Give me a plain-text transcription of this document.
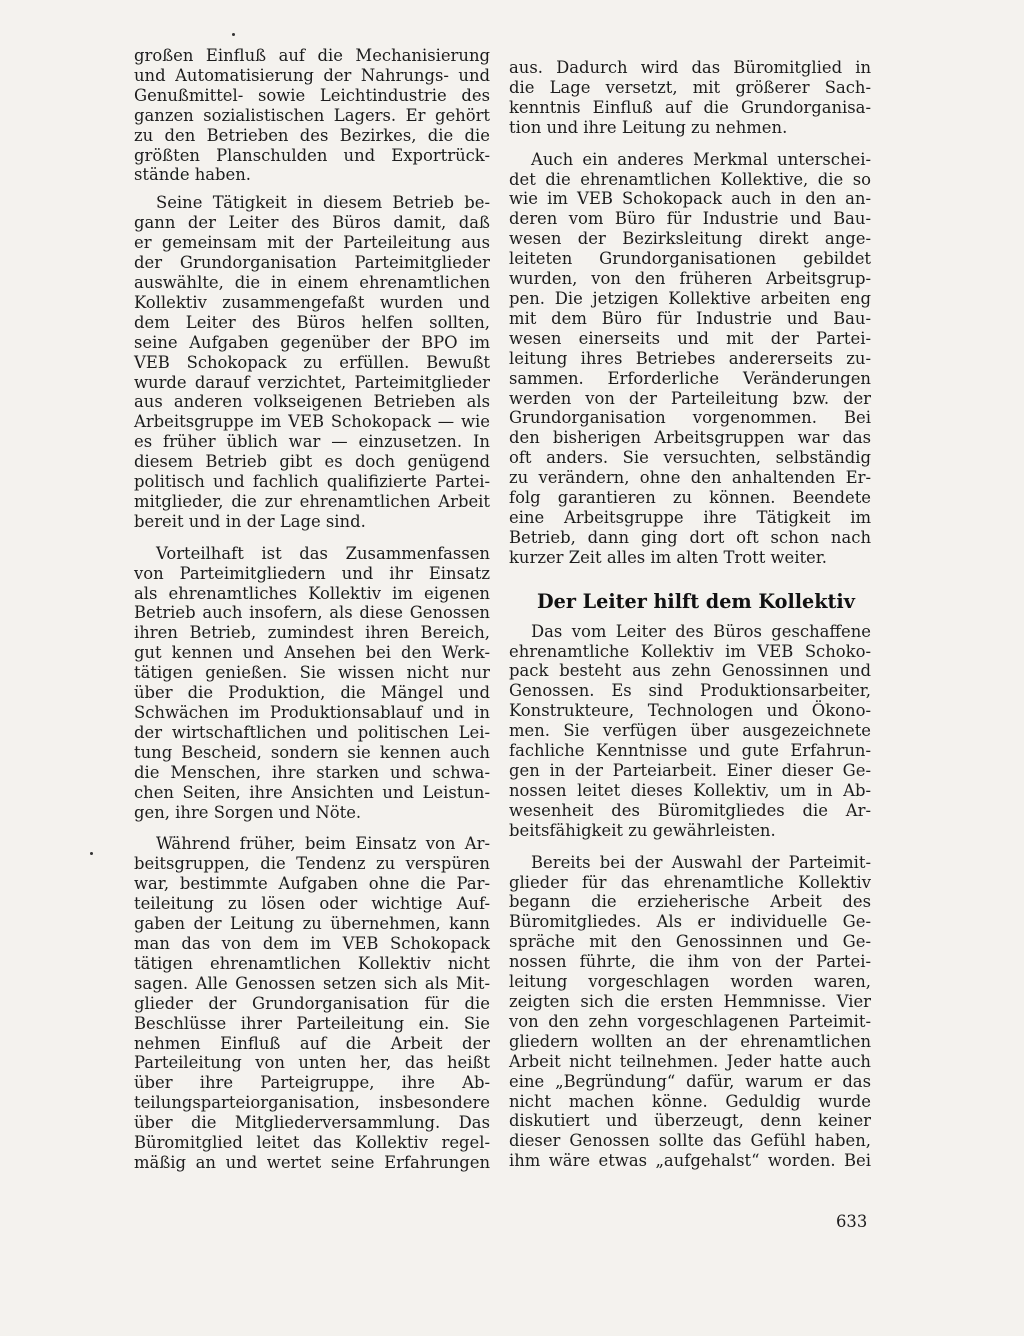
großen Einfluß auf die Mechanisierung
und Automatisierung der Nahrungs- und
Genußmittel- sowie Leichtindustrie des
ganzen sozialistischen Lagers. Er gehört
zu den Betrieben des Bezirkes, die die
größten Planschulden und Exportrück-
stände haben.
Seine Tätigkeit in diesem Betrieb be-
gann der Leiter des Büros damit, daß
er gemeinsam mit der Parteileitung aus
der Grundorganisation Parteimitglieder
auswählte, die in einem ehrenamtlichen
Kollektiv zusammengefaßt wurden und
dem Leiter des Büros helfen sollten,
seine Aufgaben gegenüber der BPO im
VEB Schokopack zu erfüllen. Bewußt
wurde darauf verzichtet, Parteimitglieder
aus anderen volkseigenen Betrieben als
Arbeitsgruppe im VEB Schokopack — wie
es früher üblich war — einzusetzen. In
diesem Betrieb gibt es doch genügend
politisch und fachlich qualifizierte Partei-
mitglieder, die zur ehrenamtlichen Arbeit
bereit und in der Lage sind.
Vorteilhaft ist das Zusammenfassen
von Parteimitgliedern und ihr Einsatz
als ehrenamtliches Kollektiv im eigenen
Betrieb auch insofern, als diese Genossen
ihren Betrieb, zumindest ihren Bereich,
gut kennen und Ansehen bei den Werk-
tätigen genießen. Sie wissen nicht nur
über die Produktion, die Mängel und
Schwächen im Produktionsablauf und in
der wirtschaftlichen und politischen Lei-
tung Bescheid, sondern sie kennen auch
die Menschen, ihre starken und schwa-
chen Seiten, ihre Ansichten und Leistun-
gen, ihre Sorgen und Nöte.
Während früher, beim Einsatz von Ar-
beitsgruppen, die Tendenz zu verspüren
war, bestimmte Aufgaben ohne die Par-
teileitung zu lösen oder wichtige Auf-
gaben der Leitung zu übernehmen, kann
man das von dem im VEB Schokopack
tätigen ehrenamtlichen Kollektiv nicht
sagen. Alle Genossen setzen sich als Mit-
glieder der Grundorganisation für die
Beschlüsse ihrer Parteileitung ein. Sie
nehmen Einfluß auf die Arbeit der
Parteileitung von unten her, das heißt
über ihre Parteigruppe, ihre Ab-
teilungsparteiorganisation, insbesondere
über die Mitgliederversammlung. Das
Büromitglied leitet das Kollektiv regel-
mäßig an und wertet seine Erfahrungen
aus. Dadurch wird das Büromitglied in
die Lage versetzt, mit größerer Sach-
kenntnis Einfluß auf die Grundorganisa-
tion und ihre Leitung zu nehmen.
Auch ein anderes Merkmal unterschei-
det die ehrenamtlichen Kollektive, die so
wie im VEB Schokopack auch in den an-
deren vom Büro für Industrie und Bau-
wesen der Bezirksleitung direkt ange-
leiteten Grundorganisationen gebildet
wurden, von den früheren Arbeitsgrup-
pen. Die jetzigen Kollektive arbeiten eng
mit dem Büro für Industrie und Bau-
wesen einerseits und mit der Partei-
leitung ihres Betriebes andererseits zu-
sammen. Erforderliche Veränderungen
werden von der Parteileitung bzw. der
Grundorganisation vorgenommen. Bei
den bisherigen Arbeitsgruppen war das
oft anders. Sie versuchten, selbständig
zu verändern, ohne den anhaltenden Er-
folg garantieren zu können. Beendete
eine Arbeitsgruppe ihre Tätigkeit im
Betrieb, dann ging dort oft schon nach
kurzer Zeit alles im alten Trott weiter.
Der Leiter hilft dem Kollektiv
Das vom Leiter des Büros geschaffene
ehrenamtliche Kollektiv im VEB Schoko-
pack besteht aus zehn Genossinnen und
Genossen. Es sind Produktionsarbeiter,
Konstrukteure, Technologen und Ökono-
men. Sie verfügen über ausgezeichnete
fachliche Kenntnisse und gute Erfahrun-
gen in der Parteiarbeit. Einer dieser Ge-
nossen leitet dieses Kollektiv, um in Ab-
wesenheit des Büromitgliedes die Ar-
beitsfähigkeit zu gewährleisten.
Bereits bei der Auswahl der Parteimit-
glieder für das ehrenamtliche Kollektiv
begann die erzieherische Arbeit des
Büromitgliedes. Als er individuelle Ge-
spräche mit den Genossinnen und Ge-
nossen führte, die ihm von der Partei-
leitung vorgeschlagen worden waren,
zeigten sich die ersten Hemmnisse. Vier
von den zehn vorgeschlagenen Parteimit-
gliedern wollten an der ehrenamtlichen
Arbeit nicht teilnehmen. Jeder hatte auch
eine „Begründung“ dafür, warum er das
nicht machen könne. Geduldig wurde
diskutiert und überzeugt, denn keiner
dieser Genossen sollte das Gefühl haben,
ihm wäre etwas „aufgehalst“ worden. Bei
633
